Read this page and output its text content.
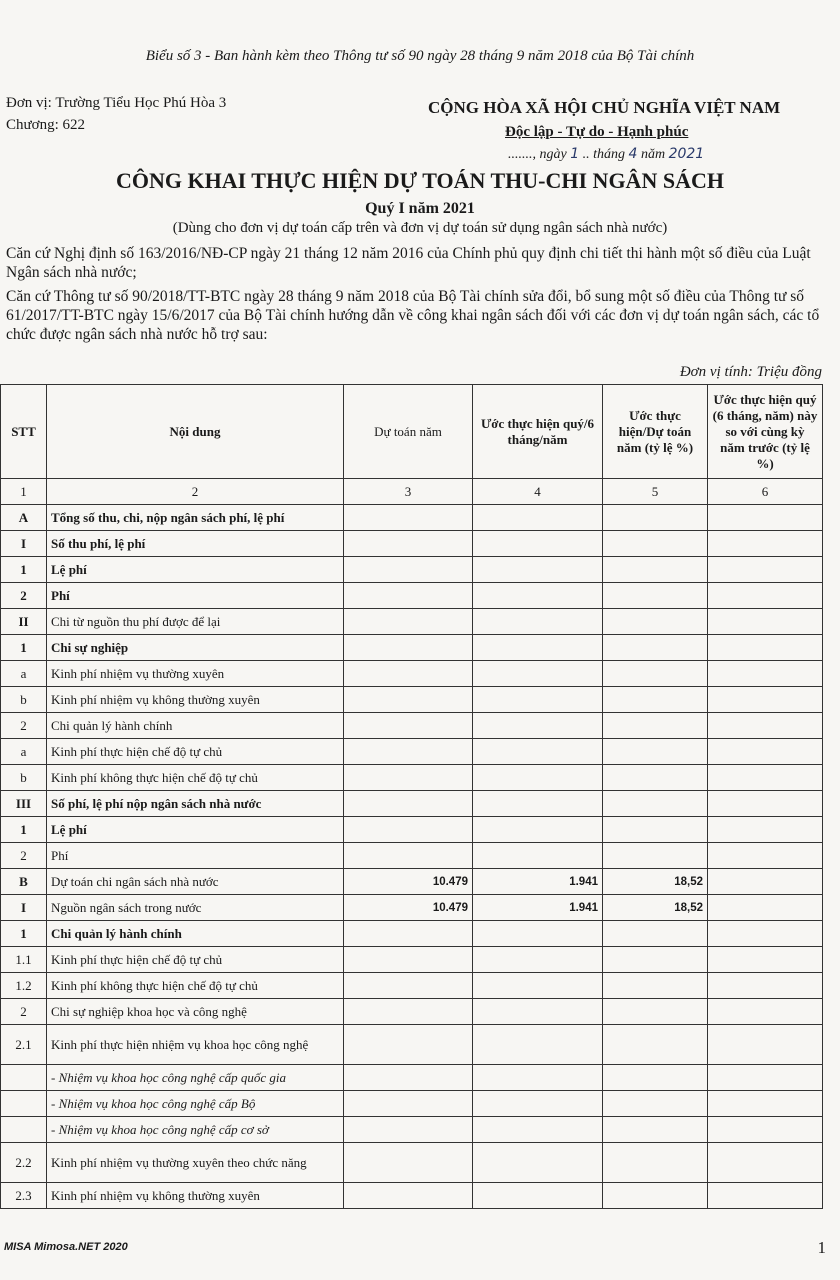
Biểu số 3 - Ban hành kèm theo Thông tư số 90 ngày 28 tháng 9 năm 2018 của Bộ Tài chính
Đơn vị: Trường Tiểu Học Phú Hòa 3
Chương: 622
CỘNG HÒA XÃ HỘI CHỦ NGHĨA VIỆT NAM
Độc lập - Tự do - Hạnh phúc
......., ngày 1 .. tháng 4 năm 2021
CÔNG KHAI THỰC HIỆN DỰ TOÁN THU-CHI NGÂN SÁCH
Quý I năm 2021
(Dùng cho đơn vị dự toán cấp trên và đơn vị dự toán sử dụng ngân sách nhà nước)
Căn cứ Nghị định số 163/2016/NĐ-CP ngày 21 tháng 12 năm 2016 của Chính phủ quy định chi tiết thi hành một số điều của Luật Ngân sách nhà nước;
Căn cứ Thông tư số 90/2018/TT-BTC ngày 28 tháng 9 năm 2018 của Bộ Tài chính sửa đổi, bổ sung một số điều của Thông tư số 61/2017/TT-BTC ngày 15/6/2017 của Bộ Tài chính hướng dẫn về công khai ngân sách đối với các đơn vị dự toán ngân sách, các tổ chức được ngân sách nhà nước hỗ trợ sau:
Đơn vị tính: Triệu đồng
STT	Nội dung	Dự toán năm	Ước thực hiện quý/6 tháng/năm	Ước thực hiện/Dự toán năm (tỷ lệ %)	Ước thực hiện quý (6 tháng, năm) này so với cùng kỳ năm trước (tỷ lệ %)
1	2	3	4	5	6
A	Tổng số thu, chi, nộp ngân sách phí, lệ phí				
I	Số thu phí, lệ phí				
1	Lệ phí				
2	Phí				
II	Chi từ nguồn thu phí được để lại				
1	Chi sự nghiệp				
a	Kinh phí nhiệm vụ thường xuyên				
b	Kinh phí nhiệm vụ không thường xuyên				
2	Chi quản lý hành chính				
a	Kinh phí thực hiện chế độ tự chủ				
b	Kinh phí không thực hiện chế độ tự chủ				
III	Số phí, lệ phí nộp ngân sách nhà nước				
1	Lệ phí				
2	Phí				
B	Dự toán chi ngân sách nhà nước	10.479	1.941	18,52	
I	Nguồn ngân sách trong nước	10.479	1.941	18,52	
1	Chi quản lý hành chính				
1.1	Kinh phí thực hiện chế độ tự chủ				
1.2	Kinh phí không thực hiện chế độ tự chủ				
2	Chi sự nghiệp khoa học và công nghệ				
2.1	Kinh phí thực hiện nhiệm vụ khoa học công nghệ				
	- Nhiệm vụ khoa học công nghệ cấp quốc gia				
	- Nhiệm vụ khoa học công nghệ cấp Bộ				
	- Nhiệm vụ khoa học công nghệ cấp cơ sở				
2.2	Kinh phí nhiệm vụ thường xuyên theo chức năng				
2.3	Kinh phí nhiệm vụ không thường xuyên				
MISA Mimosa.NET 2020	1
